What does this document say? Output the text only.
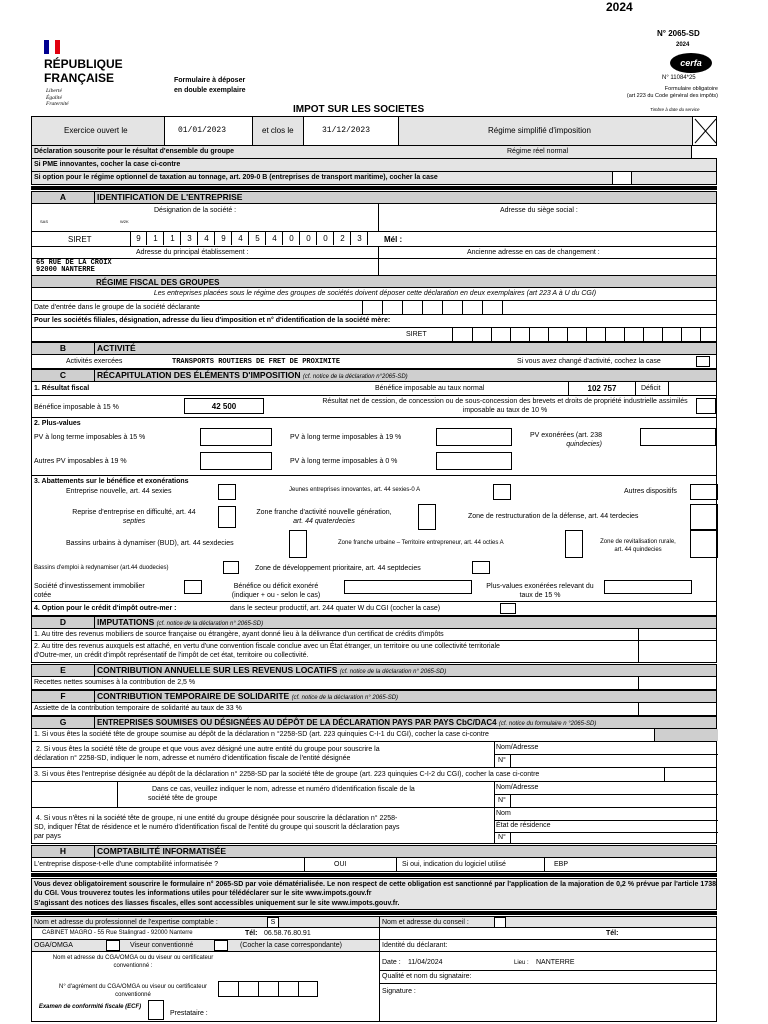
2024
RÉPUBLIQUE
FRANÇAISE
Liberté
Égalité
Fraternité
Formulaire à déposer
en double exemplaire
IMPOT SUR LES SOCIETES
N° 2065-SD
2024
cerfa
N° 11084*25
Formulaire obligatoire
(art 223 du Code général des impôts)
Timbre à date du service
Exercice ouvert le	01/01/2023	et clos le	31/12/2023	Régime simplifié d'imposition
Déclaration souscrite pour le résultat d'ensemble du groupe	Régime réel normal
Si PME innovantes, cocher la case ci-contre
Si option pour le régime optionnel de taxation au tonnage, art. 209-0 B (entreprises de transport maritime), cocher la case
A	IDENTIFICATION DE L'ENTREPRISE
Désignation de la société :	Adresse du siège social :
SAS	W2K
SIRET	9	1	1	3	4	9	4	5	4	0	0	0	2	3	Mél :
Adresse du principal établissement :	Ancienne adresse en cas de changement :
65 RUE DE LA CROIX
92000 NANTERRE
RÉGIME FISCAL DES GROUPES
Les entreprises placées sous le régime des groupes de sociétés doivent déposer cette déclaration en deux exemplaires (art 223 A à U du CGI)
Date d'entrée dans le groupe de la société déclarante
Pour les sociétés filiales, désignation, adresse du lieu d'imposition et n° d'identification de la société mère:
SIRET
B	ACTIVITÉ
Activités exercées	TRANSPORTS ROUTIERS DE FRET DE PROXIMITE	Si vous avez changé d'activité, cochez la case
C	RÉCAPITULATION DES ÉLÉMENTS D'IMPOSITION (cf. notice de la déclaration n°2065-SD)
1. Résultat fiscal	Bénéfice imposable au taux normal	102 757	Déficit
Bénéfice imposable à 15 %	42 500
Résultat net de cession, de concession ou de sous-concession des brevets et droits de propriété industrielle assimilés imposable au taux de 10 %
2. Plus-values
PV à long terme imposables à 15 %	PV à long terme imposables à 19 %	PV exonérées (art. 238
quindecies)
Autres PV imposables à 19 %	PV à long terme imposables à 0 %
3. Abattements sur le bénéfice et exonérations
Entreprise nouvelle, art. 44 sexies	Jeunes entreprises innovantes, art. 44 sexies-0 A	Autres dispositifs
Reprise d'entreprise en difficulté, art. 44
septies
Zone franche d'activité nouvelle génération,
art. 44 quaterdecies
Zone de restructuration de la défense, art. 44 terdecies
Bassins urbains à dynamiser (BUD), art. 44 sexdecies	Zone franche urbaine – Territoire entrepreneur, art. 44 octies A	Zone de revitalisation rurale,
art. 44 quindecies
Bassins d'emploi à redynamiser (art.44 duodecies)	Zone de développement prioritaire, art. 44 septdecies
Société d'investissement immobilier
cotée
Bénéfice ou déficit exonéré
(indiquer + ou - selon le cas)
Plus-values exonérées relevant du
taux de 15 %
4. Option pour le crédit d'impôt outre-mer :	dans le secteur productif, art. 244 quater W du CGI (cocher la case)
D	IMPUTATIONS (cf. notice de la déclaration n° 2065-SD)
1. Au titre des revenus mobiliers de source française ou étrangère, ayant donné lieu à la délivrance d'un certificat de crédits d'impôts
2. Au titre des revenus auxquels est attaché, en vertu d'une convention fiscale conclue avec un État étranger, un territoire ou une collectivité territoriale
d'Outre-mer, un crédit d'impôt représentatif de l'impôt de cet état, territoire ou collectivité.
E	CONTRIBUTION ANNUELLE SUR LES REVENUS LOCATIFS (cf. notice de la déclaration n° 2065-SD)
Recettes nettes soumises à la contribution de 2,5 %
F	CONTRIBUTION TEMPORAIRE DE SOLIDARITE (cf. notice de la déclaration n° 2065-SD)
Assiette de la contribution temporaire de solidarité au taux de 33 %
G	ENTREPRISES SOUMISES OU DÉSIGNÉES AU DÉPÔT DE LA DÉCLARATION PAYS PAR PAYS CbC/DAC4 (cf. notice du formulaire n °2065-SD)
1. Si vous êtes la société tête de groupe soumise au dépôt de la déclaration n °2258-SD (art. 223 quinquies C-I-1 du CGI), cocher la case ci-contre
2. Si vous êtes la société tête de groupe et que vous avez désigné une autre entité du groupe pour souscrire la
déclaration n° 2258-SD, indiquer le nom, adresse et numéro d'identification fiscale de l'entité désignée
Nom/Adresse
N°
3. Si vous êtes l'entreprise désignée au dépôt de la déclaration n° 2258-SD par la société tête de groupe (art. 223 quinquies C-I-2 du CGI), cocher la case ci-contre
Dans ce cas, veuillez indiquer le nom, adresse et numéro d'identification fiscale de la
société tête de groupe
Nom/Adresse
N°
4. Si vous n'êtes ni la société tête de groupe, ni une entité du groupe désignée pour souscrire la déclaration n° 2258-
SD, indiquer l'État de résidence et le numéro d'identification fiscal de l'entité du groupe qui souscrit la déclaration pays
par pays
Nom
État de résidence
N°
H	COMPTABILITÉ INFORMATISÉE
L'entreprise dispose-t-elle d'une comptabilité informatisée ?	OUI	Si oui, indication du logiciel utilisé	EBP
Vous devez obligatoirement souscrire le formulaire n° 2065-SD par voie dématérialisée. Le non respect de cette obligation est sanctionné par l'application de la majoration de 0,2 % prévue par l'article 1738 du CGI. Vous trouverez toutes les informations utiles pour télédéclarer sur le site www.impots.gouv.fr
S'agissant des notices des liasses fiscales, elles sont accessibles uniquement sur le site www.impots.gouv.fr.
Nom et adresse du professionnel de l'expertise comptable :	S
CABINET MAGRO - 55 Rue Stalingrad - 92000 Nanterre	Tél: 06.58.76.80.91
OGA/OMGA	Viseur conventionné	(Cocher la case correspondante)
Nom et adresse du CGA/OMGA ou du viseur ou certificateur conventionné :
N° d'agrément du CGA/OMGA ou viseur ou certificateur conventionné
Examen de conformité fiscale (ECF)
Prestataire :
Nom et adresse du conseil :
Tél:
Identité du déclarant:
Date : 11/04/2024	Lieu : NANTERRE
Qualité et nom du signataire:
Signature :
